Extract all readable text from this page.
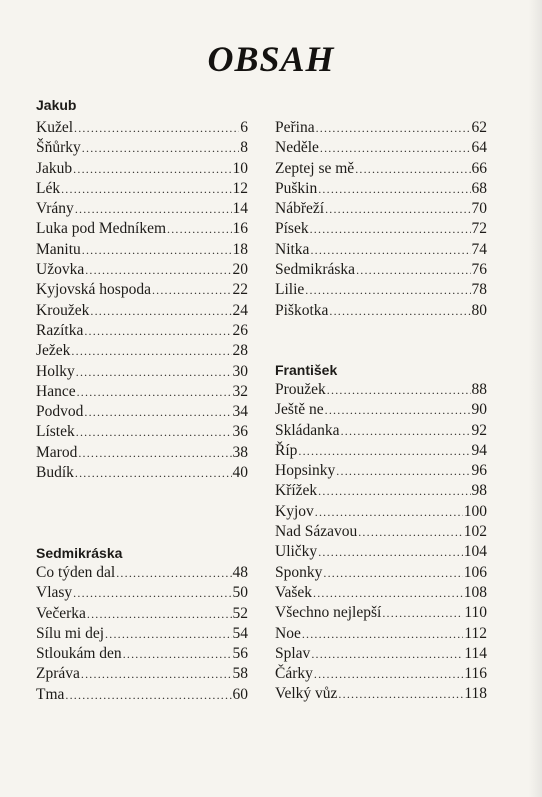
OBSAH
Jakub
Kužel .....	6
Šňůrky .....	8
Jakub .....	10
Lék .....	12
Vrány .....	14
Luka pod Medníkem .....	16
Manitu .....	18
Užovka .....	20
Kyjovská hospoda .....	22
Kroužek .....	24
Razítka .....	26
Ježek .....	28
Holky .....	30
Hance .....	32
Podvod .....	34
Lístek .....	36
Marod .....	38
Budík .....	40
Sedmikráska
Co týden dal .....	48
Vlasy .....	50
Večerka .....	52
Sílu mi dej .....	54
Stloukám den .....	56
Zpráva .....	58
Tma .....	60
Peřina .....	62
Neděle .....	64
Zeptej se mě .....	66
Puškin .....	68
Nábřeží .....	70
Písek .....	72
Nitka .....	74
Sedmikráska .....	76
Lilie .....	78
Piškotka .....	80
František
Proužek .....	88
Ještě ne .....	90
Skládanka .....	92
Říp .....	94
Hopsinky .....	96
Křížek .....	98
Kyjov .....	100
Nad Sázavou .....	102
Uličky .....	104
Sponky .....	106
Vašek .....	108
Všechno nejlepší .....	110
Noe .....	112
Splav .....	114
Čárky .....	116
Velký vůz .....	118
